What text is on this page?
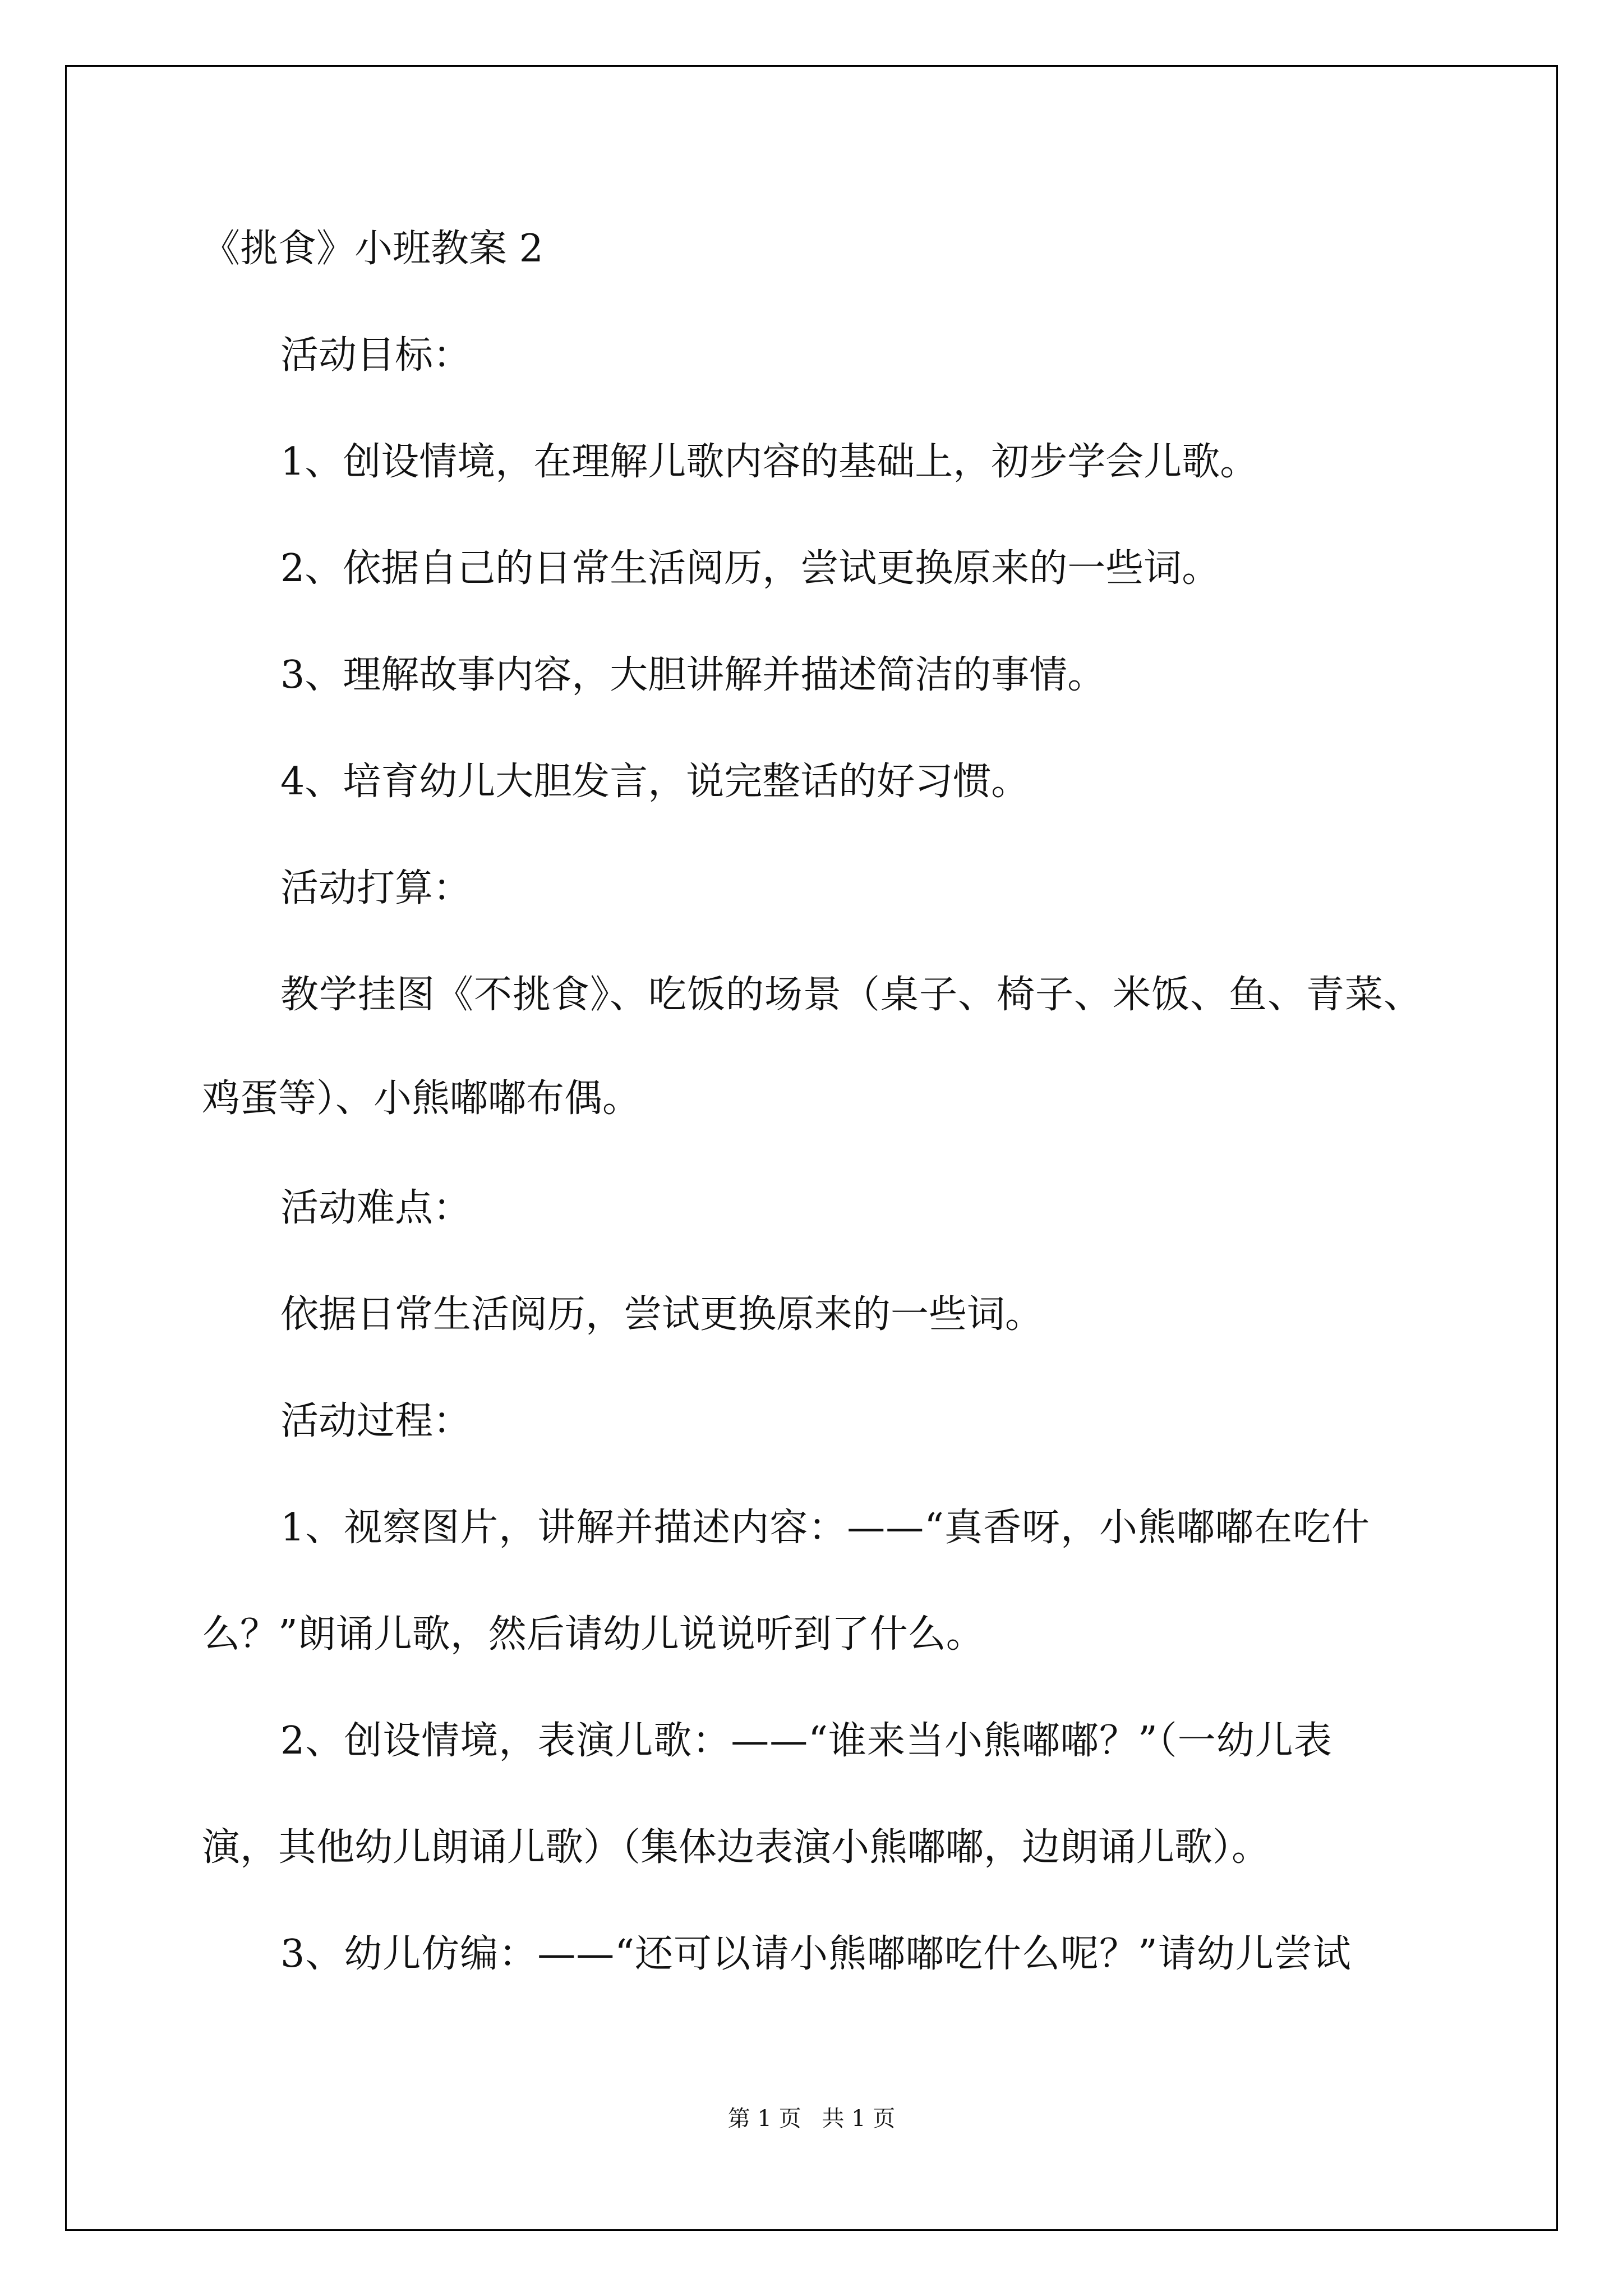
《挑食》小班教案 2
活动目标：
1、创设情境，在理解儿歌内容的基础上，初步学会儿歌。
2、依据自己的日常生活阅历，尝试更换原来的一些词。
3、理解故事内容，大胆讲解并描述简洁的事情。
4、培育幼儿大胆发言，说完整话的好习惯。
活动打算：
教学挂图《不挑食》、吃饭的场景（桌子、椅子、米饭、鱼、青菜、
鸡蛋等）、小熊嘟嘟布偶。
活动难点：
依据日常生活阅历，尝试更换原来的一些词。
活动过程：
1、视察图片，讲解并描述内容：——“真香呀，小熊嘟嘟在吃什
么？”朗诵儿歌，然后请幼儿说说听到了什么。
2、创设情境，表演儿歌：——“谁来当小熊嘟嘟？”（一幼儿表
演，其他幼儿朗诵儿歌）（集体边表演小熊嘟嘟，边朗诵儿歌）。
3、幼儿仿编：——“还可以请小熊嘟嘟吃什么呢？”请幼儿尝试
第 1 页 共 1 页
